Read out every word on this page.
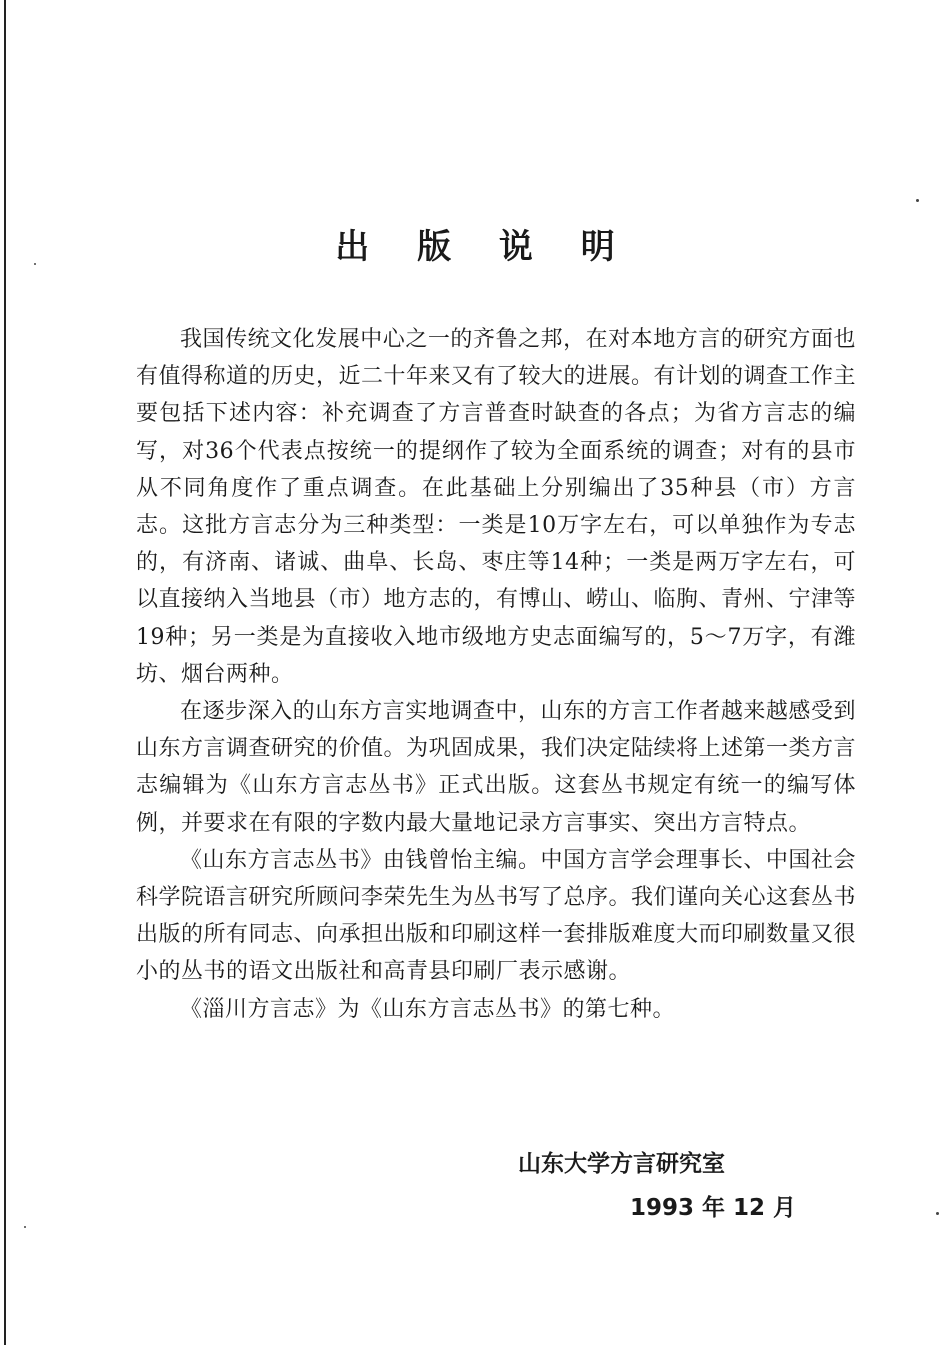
出 版 说 明

我国传统文化发展中心之一的齐鲁之邦，在对本地方言的研究方面也有值得称道的历史，近二十年来又有了较大的进展。有计划的调查工作主要包括下述内容：补充调查了方言普查时缺查的各点；为省方言志的编写，对36个代表点按统一的提纲作了较为全面系统的调查；对有的县市从不同角度作了重点调查。在此基础上分别编出了35种县（市）方言志。这批方言志分为三种类型：一类是10万字左右，可以单独作为专志的，有济南、诸诚、曲阜、长岛、枣庄等14种；一类是两万字左右，可以直接纳入当地县（市）地方志的，有博山、崂山、临朐、青州、宁津等19种；另一类是为直接收入地市级地方史志面编写的，5～7万字，有潍坊、烟台两种。

在逐步深入的山东方言实地调查中，山东的方言工作者越来越感受到山东方言调查研究的价值。为巩固成果，我们决定陆续将上述第一类方言志编辑为《山东方言志丛书》正式出版。这套丛书规定有统一的编写体例，并要求在有限的字数内最大量地记录方言事实、突出方言特点。

《山东方言志丛书》由钱曾怡主编。中国方言学会理事长、中国社会科学院语言研究所顾问李荣先生为丛书写了总序。我们谨向关心这套丛书出版的所有同志、向承担出版和印刷这样一套排版难度大而印刷数量又很小的丛书的语文出版社和高青县印刷厂表示感谢。

《淄川方言志》为《山东方言志丛书》的第七种。

山东大学方言研究室
1993 年 12 月
